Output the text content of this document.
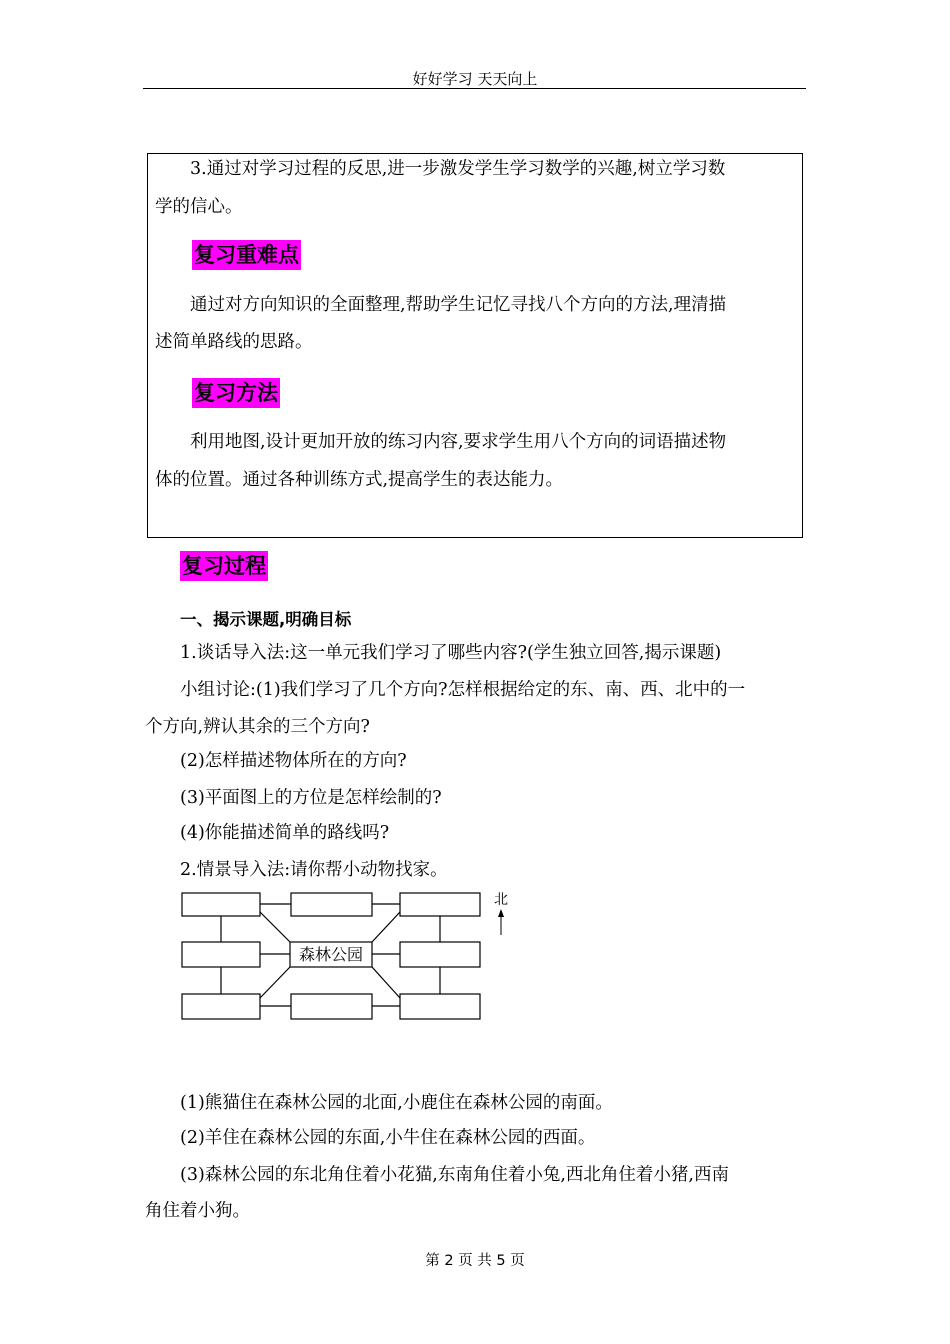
好好学习 天天向上
3.通过对学习过程的反思,进一步激发学生学习数学的兴趣,树立学习数
学的信心。
复习重难点
通过对方向知识的全面整理,帮助学生记忆寻找八个方向的方法,理清描
述简单路线的思路。
复习方法
利用地图,设计更加开放的练习内容,要求学生用八个方向的词语描述物
体的位置。通过各种训练方式,提高学生的表达能力。
复习过程
一、揭示课题,明确目标
1.谈话导入法:这一单元我们学习了哪些内容?(学生独立回答,揭示课题)
小组讨论:(1)我们学习了几个方向?怎样根据给定的东、南、西、北中的一
个方向,辨认其余的三个方向?
(2)怎样描述物体所在的方向?
(3)平面图上的方位是怎样绘制的?
(4)你能描述简单的路线吗?
2.情景导入法:请你帮小动物找家。
森林公园
北
(1)熊猫住在森林公园的北面,小鹿住在森林公园的南面。
(2)羊住在森林公园的东面,小牛住在森林公园的西面。
(3)森林公园的东北角住着小花猫,东南角住着小兔,西北角住着小猪,西南
角住着小狗。
第 2 页 共 5 页
